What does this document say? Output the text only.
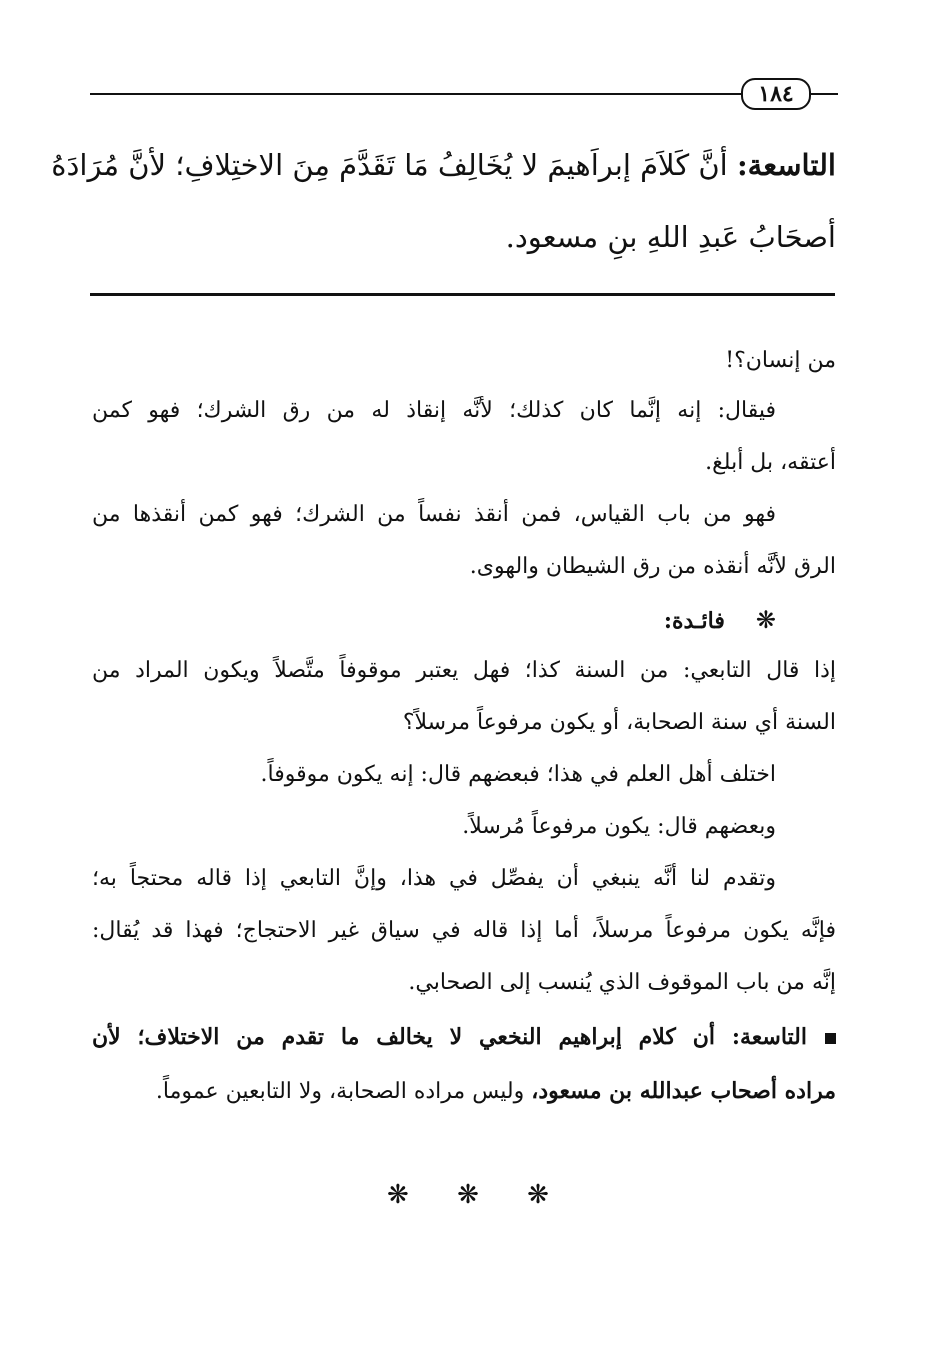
١٨٤
التاسعة: أنَّ كَلاَمَ إبراَهيمَ لا يُخَالِفُ مَا تَقَدَّمَ مِنَ الاختِلافِ؛ لأنَّ مُرَادَهُ
أصحَابُ عَبدِ اللهِ بنِ مسعود.
من إنسان؟!
فيقال: إنه إنَّما كان كذلك؛ لأنَّه إنقاذ له من رق الشرك؛ فهو كمن
أعتقه، بل أبلغ.
فهو من باب القياس، فمن أنقذ نفساً من الشرك؛ فهو كمن أنقذها من
الرق لأنَّه أنقذه من رق الشيطان والهوى.
❋ فائـدة:
إذا قال التابعي: من السنة كذا؛ فهل يعتبر موقوفاً متَّصلاً ويكون المراد من
السنة أي سنة الصحابة، أو يكون مرفوعاً مرسلاً؟
اختلف أهل العلم في هذا؛ فبعضهم قال: إنه يكون موقوفاً.
وبعضهم قال: يكون مرفوعاً مُرسلاً.
وتقدم لنا أنَّه ينبغي أن يفصِّل في هذا، وإنَّ التابعي إذا قاله محتجاً به؛
فإنَّه يكون مرفوعاً مرسلاً، أما إذا قاله في سياق غير الاحتجاج؛ فهذا قد يُقال:
إنَّه من باب الموقوف الذي يُنسب إلى الصحابي.
التاسعة: أن كلام إبراهيم النخعي لا يخالف ما تقدم من الاختلاف؛ لأن
مراده أصحاب عبدالله بن مسعود، وليس مراده الصحابة، ولا التابعين عموماً.
❋ ❋ ❋
